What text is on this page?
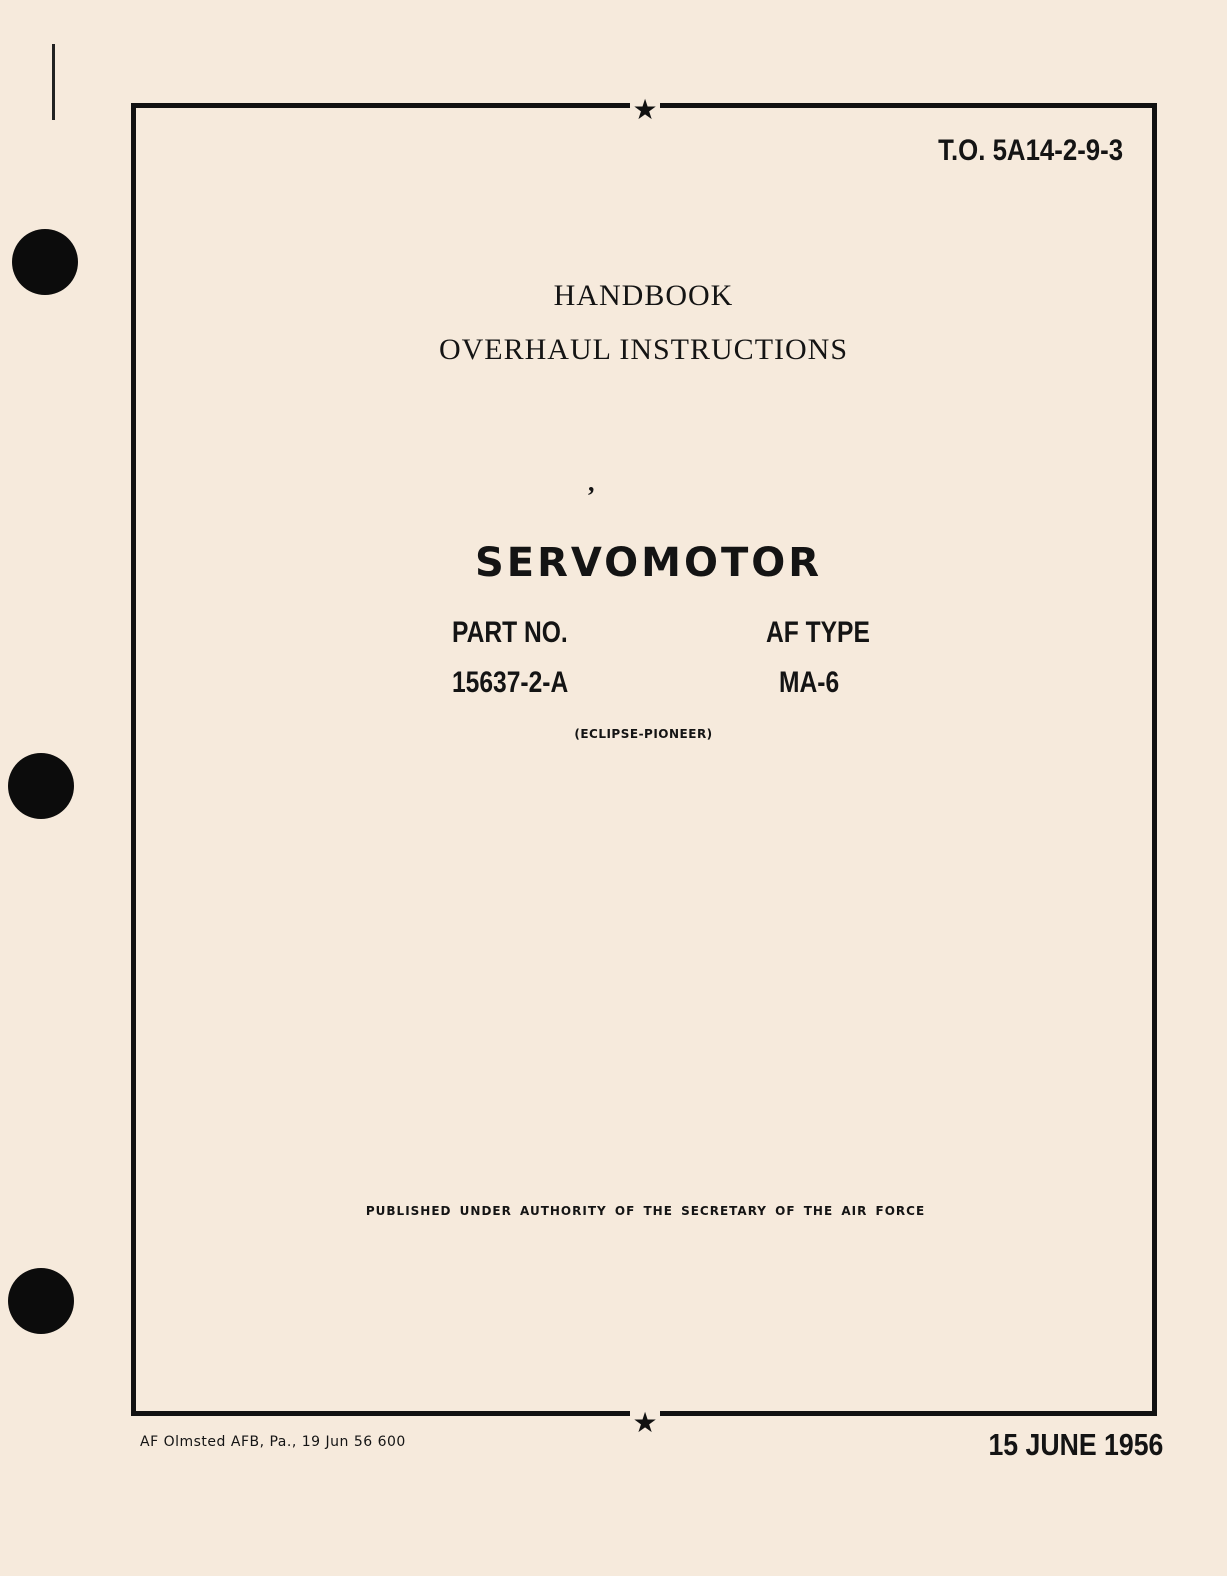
★
★
T.O. 5A14-2-9-3
HANDBOOK
OVERHAUL INSTRUCTIONS
,
SERVOMOTOR
PART NO.
15637-2-A
AF TYPE
MA-6
(ECLIPSE-PIONEER)
PUBLISHED UNDER AUTHORITY OF THE SECRETARY OF THE AIR FORCE
AF Olmsted AFB, Pa., 19 Jun 56 600	15 JUNE 1956
